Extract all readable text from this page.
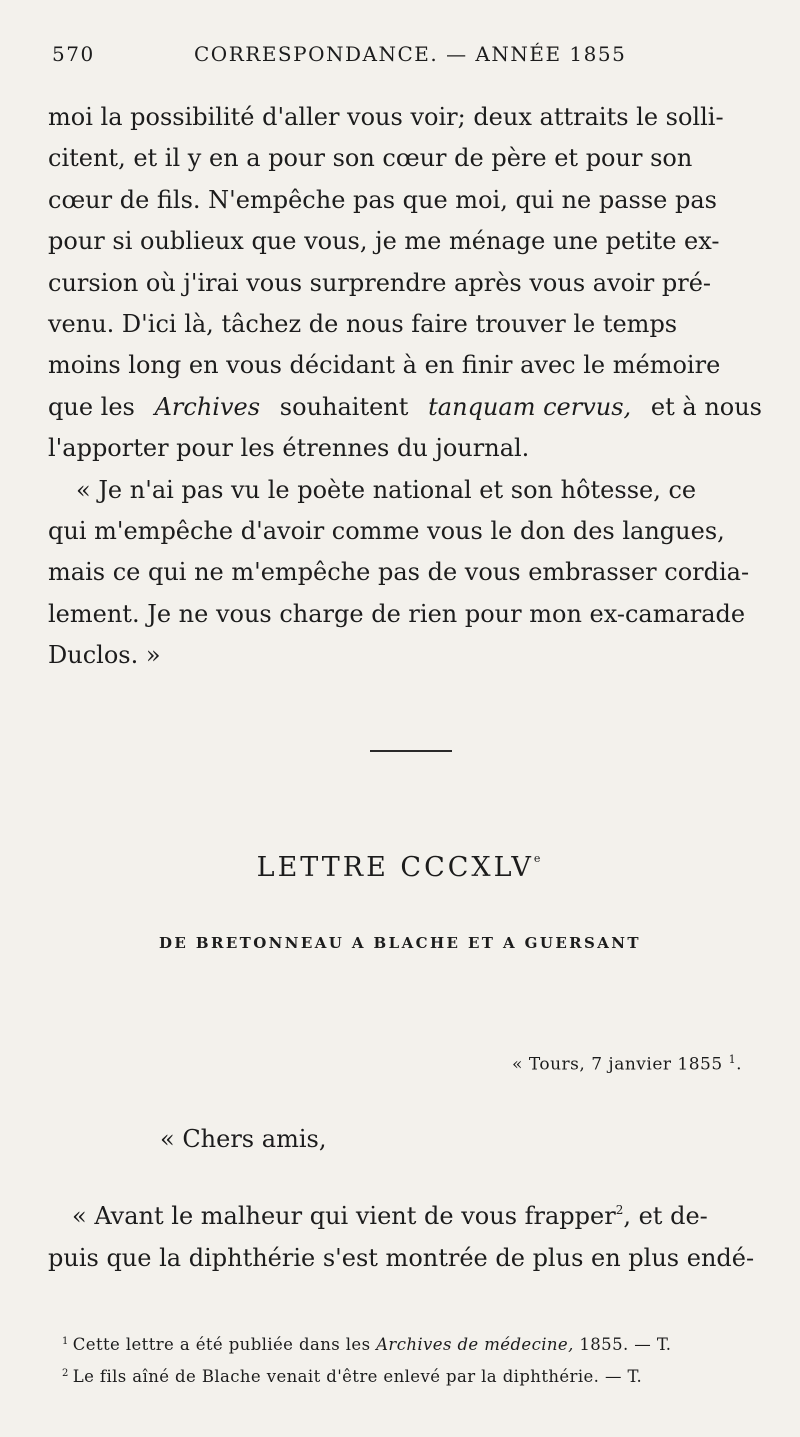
570	CORRESPONDANCE. — ANNÉE 1855
moi la possibilité d'aller vous voir; deux attraits le solli-
citent, et il y en a pour son cœur de père et pour son
cœur de fils. N'empêche pas que moi, qui ne passe pas
pour si oublieux que vous, je me ménage une petite ex-
cursion où j'irai vous surprendre après vous avoir pré-
venu. D'ici là, tâchez de nous faire trouver le temps
moins long en vous décidant à en finir avec le mémoire
que les Archives souhaitent tanquam cervus, et à nous
l'apporter pour les étrennes du journal.
« Je n'ai pas vu le poète national et son hôtesse, ce
qui m'empêche d'avoir comme vous le don des langues,
mais ce qui ne m'empêche pas de vous embrasser cordia-
lement. Je ne vous charge de rien pour mon ex-camarade
Duclos. »
LETTRE CCCXLVe
DE BRETONNEAU A BLACHE ET A GUERSANT
« Tours, 7 janvier 1855 $^1$.
« Chers amis,
« Avant le malheur qui vient de vous frapper$^2$, et de-
puis que la diphthérie s'est montrée de plus en plus endé-
$^1$ Cette lettre a été publiée dans les Archives de médecine, 1855. — T.
$^2$ Le fils aîné de Blache venait d'être enlevé par la diphthérie. — T.
